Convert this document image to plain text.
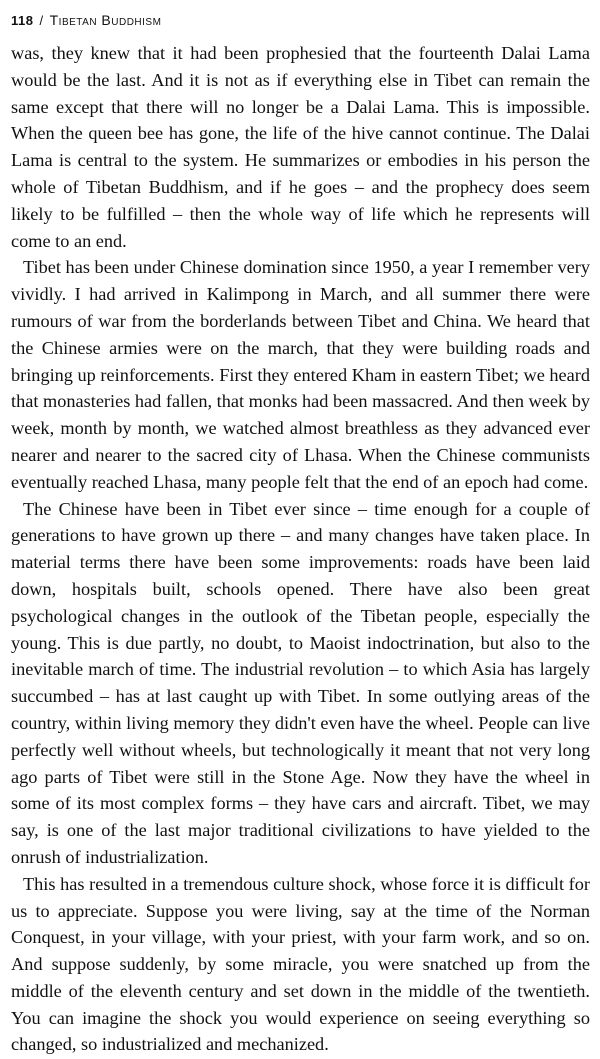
118 / Tibetan Buddhism

was, they knew that it had been prophesied that the fourteenth Dalai Lama would be the last. And it is not as if everything else in Tibet can remain the same except that there will no longer be a Dalai Lama. This is impossible. When the queen bee has gone, the life of the hive cannot continue. The Dalai Lama is central to the system. He summarizes or embodies in his person the whole of Tibetan Buddhism, and if he goes – and the prophecy does seem likely to be fulfilled – then the whole way of life which he represents will come to an end.

Tibet has been under Chinese domination since 1950, a year I remember very vividly. I had arrived in Kalimpong in March, and all summer there were rumours of war from the borderlands between Tibet and China. We heard that the Chinese armies were on the march, that they were building roads and bringing up reinforcements. First they entered Kham in eastern Tibet; we heard that monasteries had fallen, that monks had been massacred. And then week by week, month by month, we watched almost breathless as they advanced ever nearer and nearer to the sacred city of Lhasa. When the Chinese communists eventually reached Lhasa, many people felt that the end of an epoch had come.

The Chinese have been in Tibet ever since – time enough for a couple of generations to have grown up there – and many changes have taken place. In material terms there have been some improvements: roads have been laid down, hospitals built, schools opened. There have also been great psychological changes in the outlook of the Tibetan people, especially the young. This is due partly, no doubt, to Maoist indoctrination, but also to the inevitable march of time. The industrial revolution – to which Asia has largely succumbed – has at last caught up with Tibet. In some outlying areas of the country, within living memory they didn't even have the wheel. People can live perfectly well without wheels, but technologically it meant that not very long ago parts of Tibet were still in the Stone Age. Now they have the wheel in some of its most complex forms – they have cars and aircraft. Tibet, we may say, is one of the last major traditional civilizations to have yielded to the onrush of industrialization.

This has resulted in a tremendous culture shock, whose force it is difficult for us to appreciate. Suppose you were living, say at the time of the Norman Conquest, in your village, with your priest, with your farm work, and so on. And suppose suddenly, by some miracle, you were snatched up from the middle of the eleventh century and set down in the middle of the twentieth. You can imagine the shock you would experience on seeing everything so changed, so industrialized and mechanized.
